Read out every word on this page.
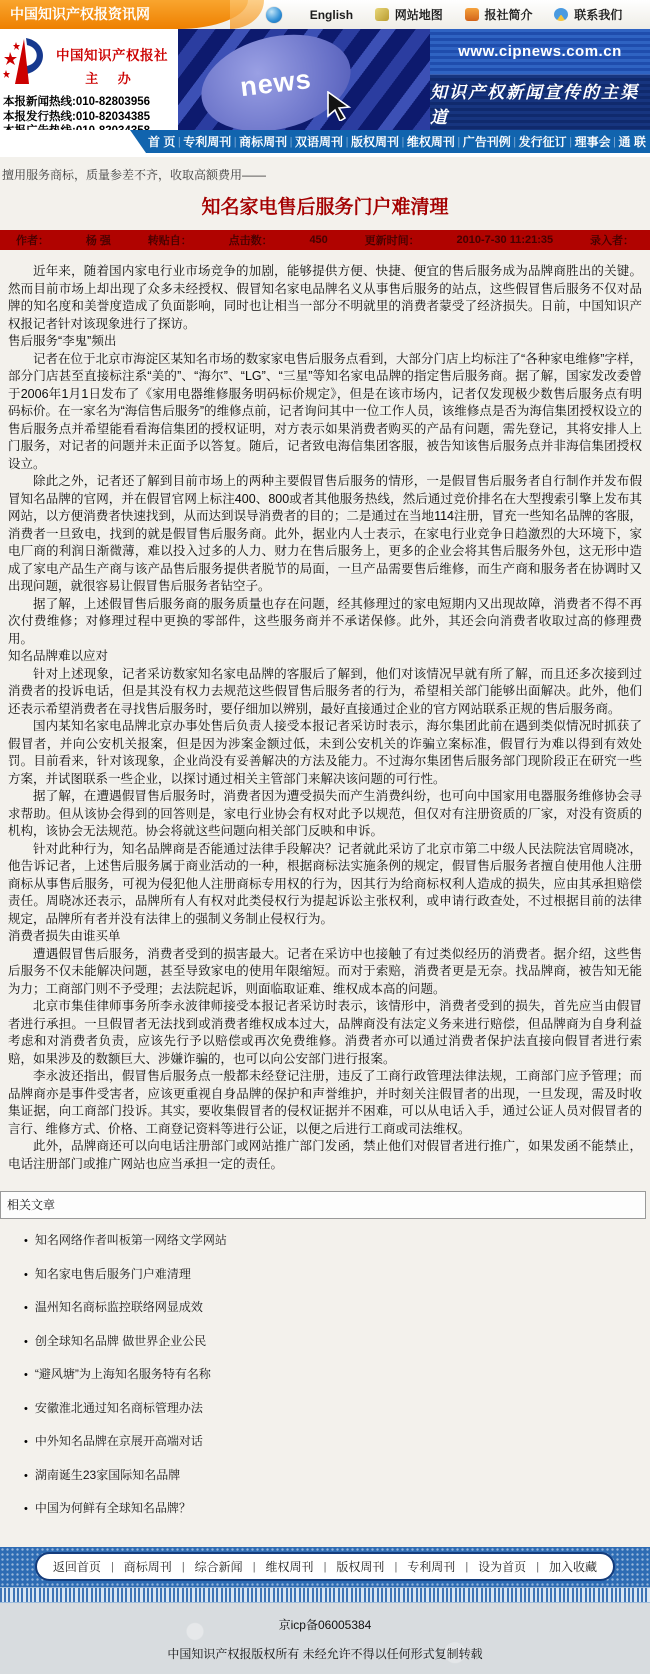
中国知识产权报资讯网	English	网站地图	报社简介	联系我们
中国知识产权报社
主 办
本报新闻热线:010-82803956
本报发行热线:010-82034385
news
www.cipnews.com.cn
知识产权新闻宣传的主渠道
首 页 | 专利周刊 | 商标周刊 | 双语周刊 | 版权周刊 | 维权周刊 | 广告刊例 | 发行征订 | 理事会 | 通 联
擅用服务商标，质量参差不齐，收取高额费用——
知名家电售后服务门户难清理
作者：	杨 强	转贴自：	点击数：	450	更新时间：	2010-7-30 11:21:35	录入者：

近年来，随着国内家电行业市场竞争的加剧，能够提供方便、快捷、便宜的售后服务成为品牌商胜出的关键。然而目前市场上却出现了众多未经授权、假冒知名家电品牌名义从事售后服务的站点，这些假冒售后服务不仅对品牌的知名度和美誉度造成了负面影响，同时也让相当一部分不明就里的消费者蒙受了经济损失。日前，中国知识产权报记者针对该现象进行了探访。

售后服务“李鬼”频出

记者在位于北京市海淀区某知名市场的数家家电售后服务点看到，大部分门店上均标注了“各种家电维修”字样，部分门店甚至直接标注系“美的”、“海尔”、“LG”、“三星”等知名家电品牌的指定售后服务商。据了解，国家发改委曾于2006年1月1日发布了《家用电器维修服务明码标价规定》，但是在该市场内，记者仅发现极少数售后服务点有明码标价。在一家名为“海信售后服务”的维修点前，记者询问其中一位工作人员，该维修点是否为海信集团授权设立的售后服务点并希望能看看海信集团的授权证明，对方表示如果消费者购买的产品有问题，需先登记，其将安排人上门服务，对记者的问题并未正面予以答复。随后，记者致电海信集团客服，被告知该售后服务点并非海信集团授权设立。

除此之外，记者还了解到目前市场上的两种主要假冒售后服务的情形，一是假冒售后服务者自行制作并发布假冒知名品牌的官网，并在假冒官网上标注400、800或者其他服务热线，然后通过竞价排名在大型搜索引擎上发布其网站，以方便消费者快速找到，从而达到误导消费者的目的；二是通过在当地114注册，冒充一些知名品牌的客服，消费者一旦致电，找到的就是假冒售后服务商。此外，据业内人士表示，在家电行业竞争日趋激烈的大环境下，家电厂商的利润日渐微薄，难以投入过多的人力、财力在售后服务上，更多的企业会将其售后服务外包，这无形中造成了家电产品生产商与该产品售后服务提供者脱节的局面，一旦产品需要售后维修，而生产商和服务者在协调时又出现问题，就很容易让假冒售后服务者钻空子。

据了解，上述假冒售后服务商的服务质量也存在问题，经其修理过的家电短期内又出现故障，消费者不得不再次付费维修；对修理过程中更换的零部件，这些服务商并不承诺保修。此外，其还会向消费者收取过高的修理费用。

知名品牌难以应对

针对上述现象，记者采访数家知名家电品牌的客服后了解到，他们对该情况早就有所了解，而且还多次接到过消费者的投诉电话，但是其没有权力去规范这些假冒售后服务者的行为，希望相关部门能够出面解决。此外，他们还表示希望消费者在寻找售后服务时，要仔细加以辨别，最好直接通过企业的官方网站联系正规的售后服务商。

国内某知名家电品牌北京办事处售后负责人接受本报记者采访时表示，海尔集团此前在遇到类似情况时抓获了假冒者，并向公安机关报案，但是因为涉案金额过低，未到公安机关的诈骗立案标准，假冒行为难以得到有效处罚。目前看来，针对该现象，企业尚没有妥善解决的方法及能力。不过海尔集团售后服务部门现阶段正在研究一些方案，并试图联系一些企业，以探讨通过相关主管部门来解决该问题的可行性。

据了解，在遭遇假冒售后服务时，消费者因为遭受损失而产生消费纠纷，也可向中国家用电器服务维修协会寻求帮助。但从该协会得到的回答则是，家电行业协会有权对此予以规范，但仅对有注册资质的厂家，对没有资质的机构，该协会无法规范。协会将就这些问题向相关部门反映和申诉。

针对此种行为，知名品牌商是否能通过法律手段解决？记者就此采访了北京市第二中级人民法院法官周晓冰，他告诉记者，上述售后服务属于商业活动的一种，根据商标法实施条例的规定，假冒售后服务者擅自使用他人注册商标从事售后服务，可视为侵犯他人注册商标专用权的行为，因其行为给商标权利人造成的损失，应由其承担赔偿责任。周晓冰还表示，品牌所有人有权对此类侵权行为提起诉讼主张权利，或申请行政查处，不过根据目前的法律规定，品牌所有者并没有法律上的强制义务制止侵权行为。

消费者损失由谁买单

遭遇假冒售后服务，消费者受到的损害最大。记者在采访中也接触了有过类似经历的消费者。据介绍，这些售后服务不仅未能解决问题，甚至导致家电的使用年限缩短。而对于索赔，消费者更是无奈。找品牌商，被告知无能为力；工商部门则不予受理；去法院起诉，则面临取证难、维权成本高的问题。

北京市集佳律师事务所李永波律师接受本报记者采访时表示，该情形中，消费者受到的损失，首先应当由假冒者进行承担。一旦假冒者无法找到或消费者维权成本过大，品牌商没有法定义务来进行赔偿，但品牌商为自身利益考虑和对消费者负责，应该先行予以赔偿或再次免费维修。消费者亦可以通过消费者保护法直接向假冒者进行索赔，如果涉及的数额巨大、涉嫌诈骗的，也可以向公安部门进行报案。

李永波还指出，假冒售后服务点一般都未经登记注册，违反了工商行政管理法律法规，工商部门应予管理；而品牌商亦是事件受害者，应该更重视自身品牌的保护和声誉维护，并时刻关注假冒者的出现，一旦发现，需及时收集证据，向工商部门投诉。其实，要收集假冒者的侵权证据并不困难，可以从电话入手，通过公证人员对假冒者的言行、维修方式、价格、工商登记资料等进行公证，以便之后进行工商或司法维权。

此外，品牌商还可以向电话注册部门或网站推广部门发函，禁止他们对假冒者进行推广，如果发函不能禁止，电话注册部门或推广网站也应当承担一定的责任。

相关文章
• 知名网络作者叫板第一网络文学网站
• 知名家电售后服务门户难清理
• 温州知名商标监控联络网显成效
• 创全球知名品牌 做世界企业公民
• “避风塘”为上海知名服务特有名称
• 安徽淮北通过知名商标管理办法
• 中外知名品牌在京展开高端对话
• 湖南诞生23家国际知名品牌
• 中国为何鲜有全球知名品牌？
返回首页 | 商标周刊 | 综合新闻 | 维权周刊 | 版权周刊 | 专利周刊 | 设为首页 | 加入收藏
京icp备06005384
中国知识产权报版权所有 未经允许不得以任何形式复制转载
